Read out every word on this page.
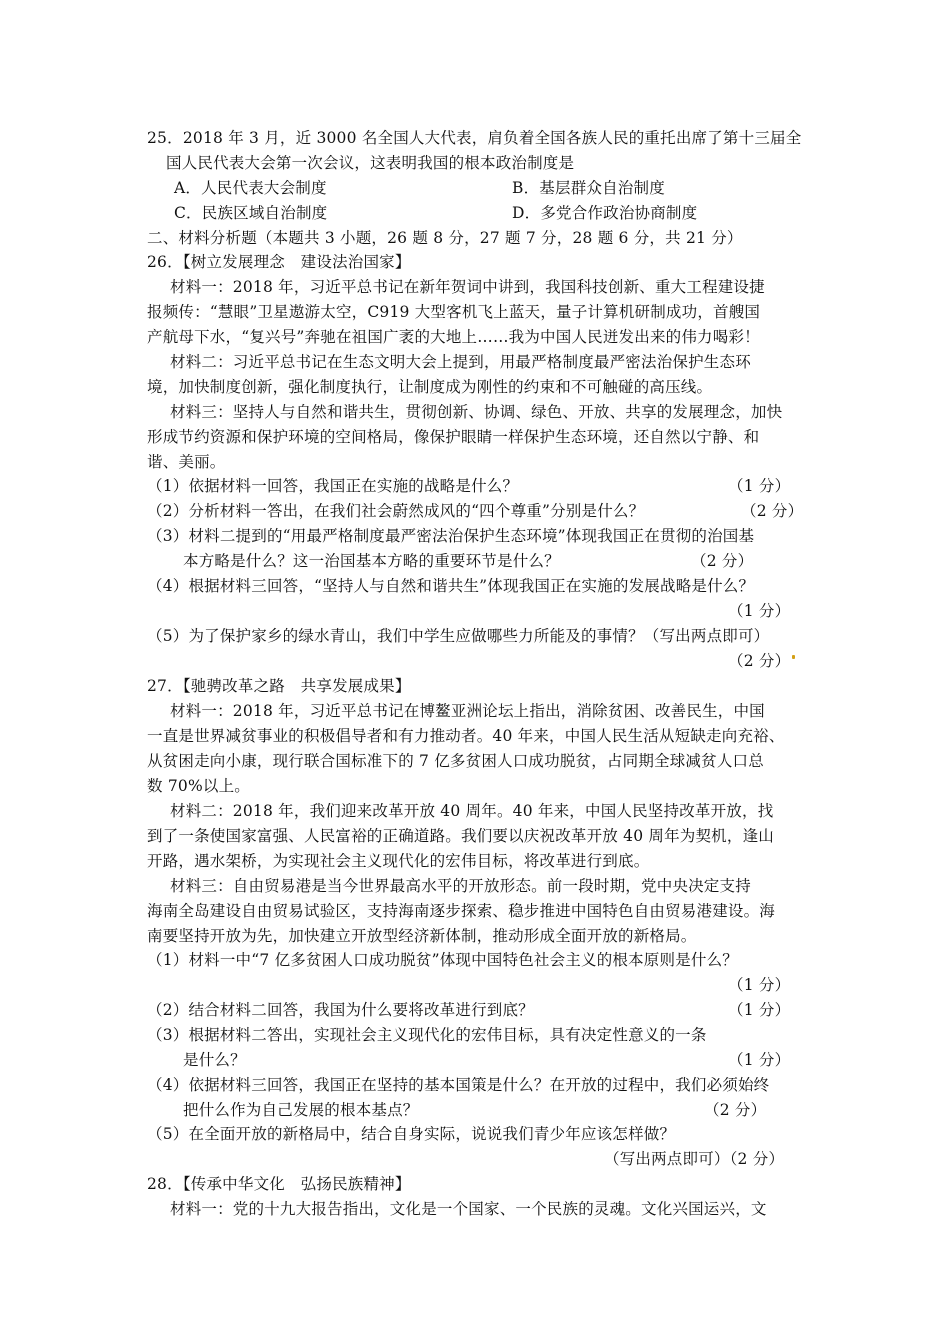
25．2018 年 3 月，近 3000 名全国人大代表，肩负着全国各族人民的重托出席了第十三届全
国人民代表大会第一次会议，这表明我国的根本政治制度是
A．人民代表大会制度	B．基层群众自治制度
C．民族区域自治制度	D．多党合作政治协商制度
二、材料分析题（本题共 3 小题，26 题 8 分，27 题 7 分，28 题 6 分，共 21 分）
26．【树立发展理念　建设法治国家】
材料一：2018 年，习近平总书记在新年贺词中讲到，我国科技创新、重大工程建设捷
报频传：“慧眼”卫星遨游太空，C919 大型客机飞上蓝天，量子计算机研制成功，首艘国
产航母下水，“复兴号”奔驰在祖国广袤的大地上……我为中国人民迸发出来的伟力喝彩！
材料二：习近平总书记在生态文明大会上提到，用最严格制度最严密法治保护生态环
境，加快制度创新，强化制度执行，让制度成为刚性的约束和不可触碰的高压线。
材料三：坚持人与自然和谐共生，贯彻创新、协调、绿色、开放、共享的发展理念，加快
形成节约资源和保护环境的空间格局，像保护眼睛一样保护生态环境，还自然以宁静、和
谐、美丽。
（1）依据材料一回答，我国正在实施的战略是什么？	（1 分）
（2）分析材料一答出，在我们社会蔚然成风的“四个尊重”分别是什么？	（2 分）
（3）材料二提到的“用最严格制度最严密法治保护生态环境”体现我国正在贯彻的治国基
本方略是什么？这一治国基本方略的重要环节是什么？	（2 分）
（4）根据材料三回答，“坚持人与自然和谐共生”体现我国正在实施的发展战略是什么？
（1 分）
（5）为了保护家乡的绿水青山，我们中学生应做哪些力所能及的事情？（写出两点即可）
（2 分）
27．【驰骋改革之路　共享发展成果】
材料一：2018 年，习近平总书记在博鳌亚洲论坛上指出，消除贫困、改善民生，中国
一直是世界减贫事业的积极倡导者和有力推动者。40 年来，中国人民生活从短缺走向充裕、
从贫困走向小康，现行联合国标准下的 7 亿多贫困人口成功脱贫，占同期全球减贫人口总
数 70%以上。
材料二：2018 年，我们迎来改革开放 40 周年。40 年来，中国人民坚持改革开放，找
到了一条使国家富强、人民富裕的正确道路。我们要以庆祝改革开放 40 周年为契机，逢山
开路，遇水架桥，为实现社会主义现代化的宏伟目标，将改革进行到底。
材料三：自由贸易港是当今世界最高水平的开放形态。前一段时期，党中央决定支持
海南全岛建设自由贸易试验区，支持海南逐步探索、稳步推进中国特色自由贸易港建设。海
南要坚持开放为先，加快建立开放型经济新体制，推动形成全面开放的新格局。
（1）材料一中“7 亿多贫困人口成功脱贫”体现中国特色社会主义的根本原则是什么？
（1 分）
（2）结合材料二回答，我国为什么要将改革进行到底？	（1 分）
（3）根据材料二答出，实现社会主义现代化的宏伟目标，具有决定性意义的一条
是什么？	（1 分）
（4）依据材料三回答，我国正在坚持的基本国策是什么？在开放的过程中，我们必须始终
把什么作为自己发展的根本基点？	（2 分）
（5）在全面开放的新格局中，结合自身实际，说说我们青少年应该怎样做？
（写出两点即可）（2 分）
28．【传承中华文化　弘扬民族精神】
材料一：党的十九大报告指出，文化是一个国家、一个民族的灵魂。文化兴国运兴，文
